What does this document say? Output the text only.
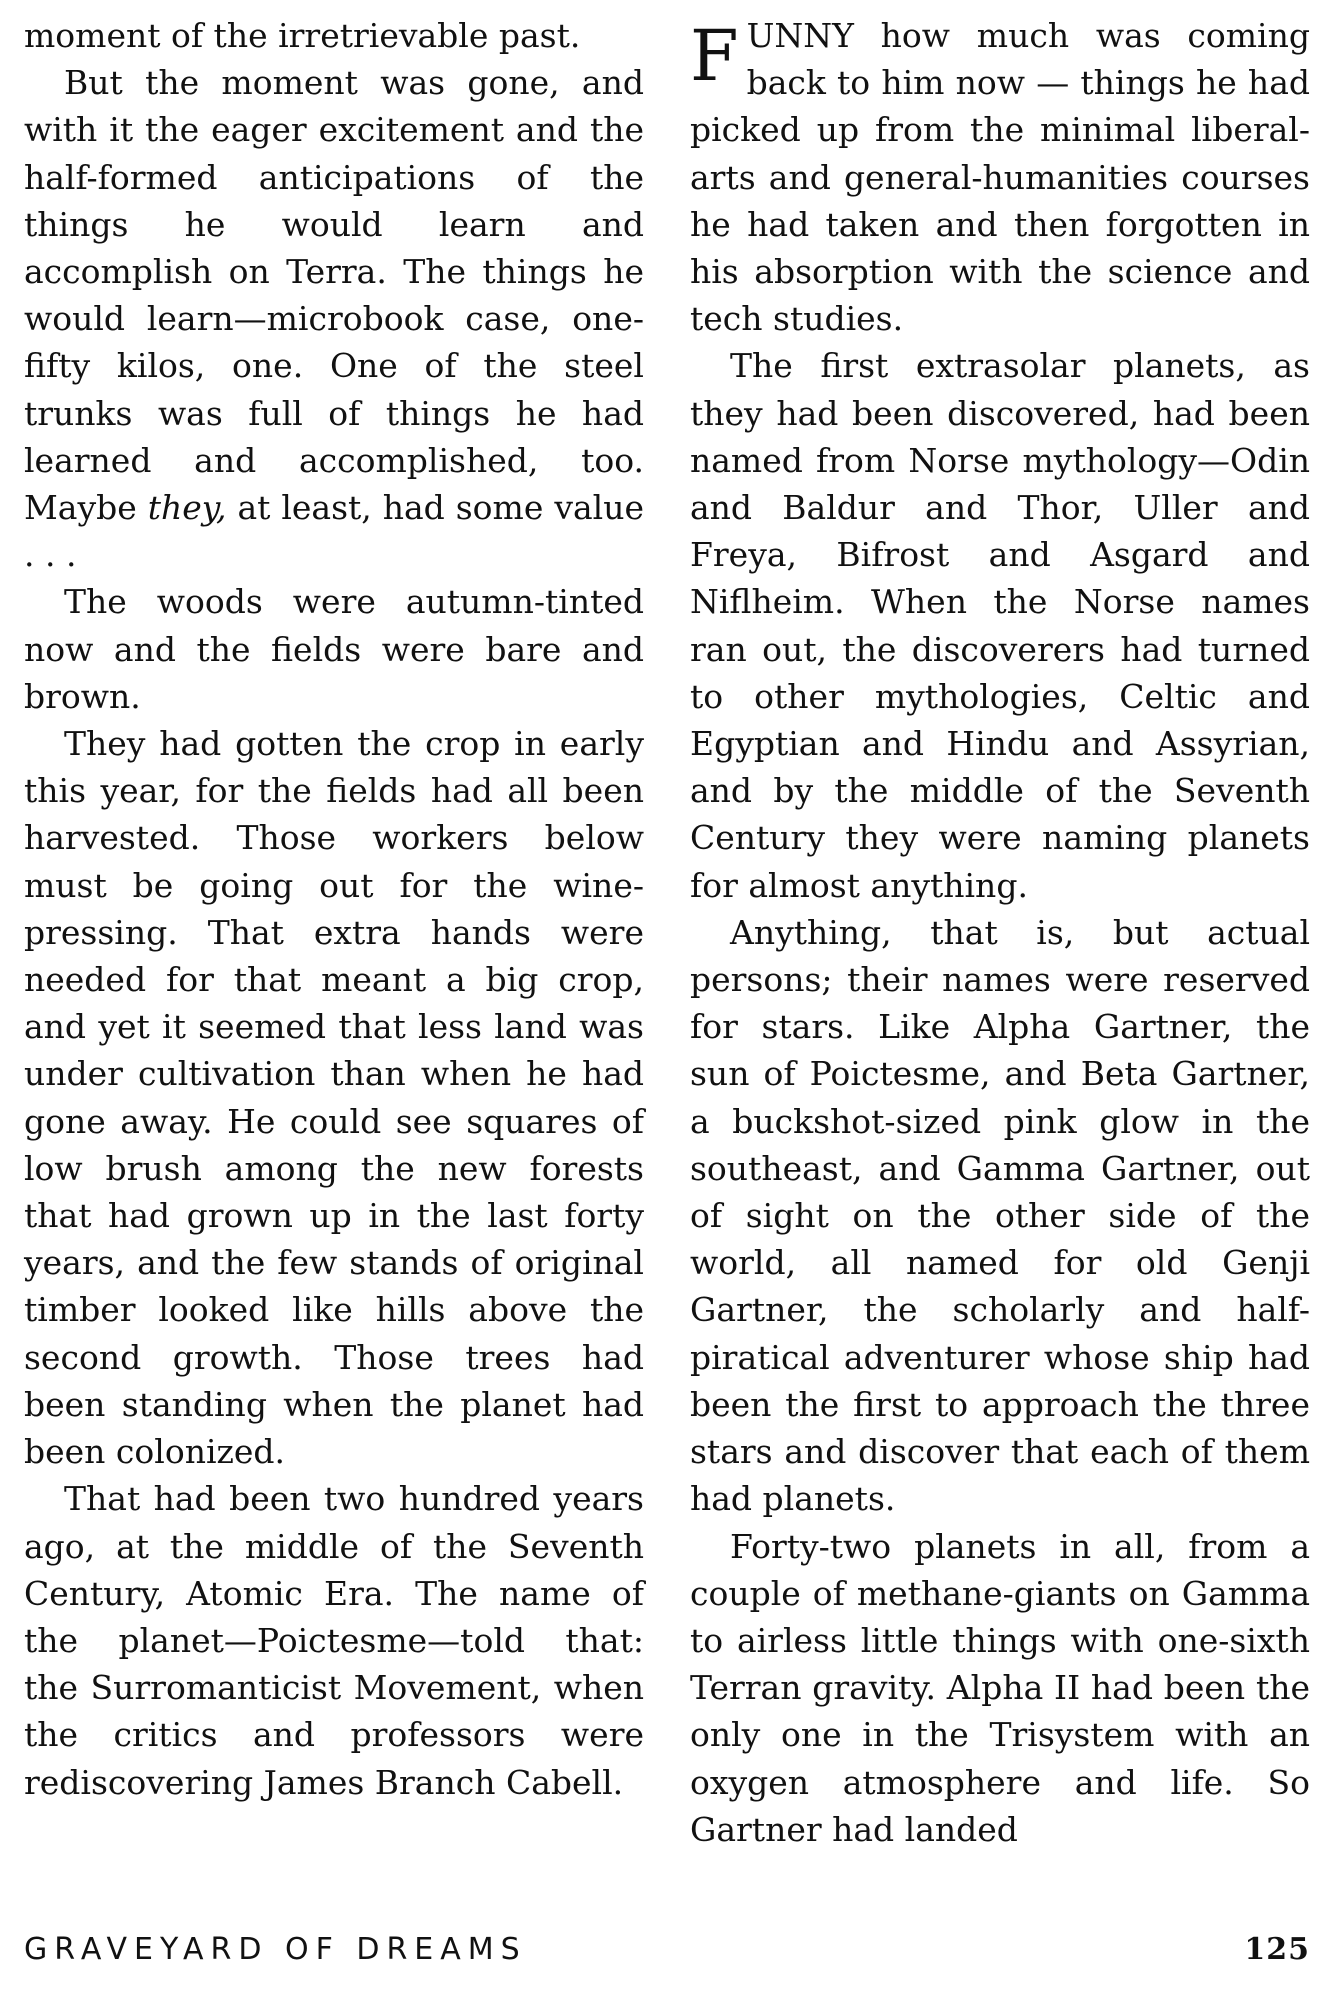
moment of the irretrievable past.

But the moment was gone, and with it the eager excitement and the half-formed anticipations of the things he would learn and accomplish on Terra. The things he would learn—microbook case, one-fifty kilos, one. One of the steel trunks was full of things he had learned and accomplished, too. Maybe they, at least, had some value . . .

The woods were autumn-tinted now and the fields were bare and brown.

They had gotten the crop in early this year, for the fields had all been harvested. Those workers below must be going out for the wine-pressing. That extra hands were needed for that meant a big crop, and yet it seemed that less land was under cultivation than when he had gone away. He could see squares of low brush among the new forests that had grown up in the last forty years, and the few stands of original timber looked like hills above the second growth. Those trees had been standing when the planet had been colonized.

That had been two hundred years ago, at the middle of the Seventh Century, Atomic Era. The name of the planet—Poictesme—told that: the Surromanticist Movement, when the critics and professors were rediscovering James Branch Cabell.

FUNNY how much was coming back to him now — things he had picked up from the minimal liberal-arts and general-humanities courses he had taken and then forgotten in his absorption with the science and tech studies.

The first extrasolar planets, as they had been discovered, had been named from Norse mythology—Odin and Baldur and Thor, Uller and Freya, Bifrost and Asgard and Niflheim. When the Norse names ran out, the discoverers had turned to other mythologies, Celtic and Egyptian and Hindu and Assyrian, and by the middle of the Seventh Century they were naming planets for almost anything.

Anything, that is, but actual persons; their names were reserved for stars. Like Alpha Gartner, the sun of Poictesme, and Beta Gartner, a buckshot-sized pink glow in the southeast, and Gamma Gartner, out of sight on the other side of the world, all named for old Genji Gartner, the scholarly and half-piratical adventurer whose ship had been the first to approach the three stars and discover that each of them had planets.

Forty-two planets in all, from a couple of methane-giants on Gamma to airless little things with one-sixth Terran gravity. Alpha II had been the only one in the Trisystem with an oxygen atmosphere and life. So Gartner had landed

GRAVEYARD OF DREAMS	125
